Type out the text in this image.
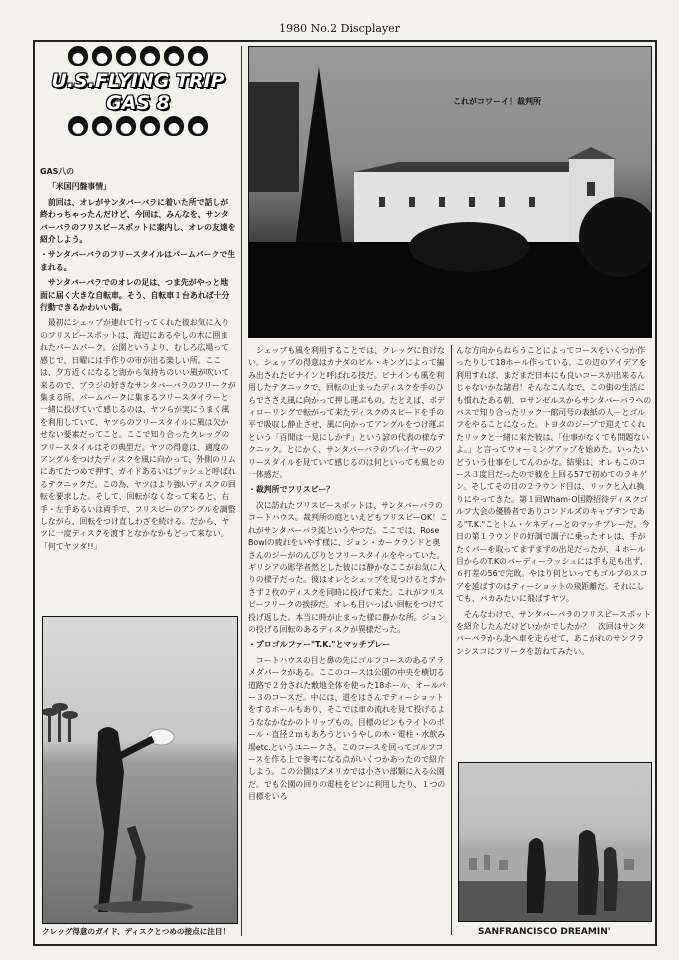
1980 No.2 Discplayer
U.S.FLYING TRIP
GAS 8	これがコワーイ！裁判所

GAS八の

「米国円盤事情」

前回は、オレがサンタバーバラに着いた所で話しが終わっちゃったんだけど、今回は、みんなを、サンタバーバラのフリスビースポットに案内し、オレの友達を紹介しよう。

・サンタバーバラのフリースタイルはパームパークで生まれる。

サンタバーバラでのオレの足は、つま先がやっと地面に届く大きな自転車。そう、自転車１台あれば十分行動できるかわいい街。

最初にシェップが連れて行ってくれた彼お気に入りのフリスビースポットは、海辺にあるやしの木に囲まれたパームパーク。公園というより、むしろ広場って感じで、日曜には手作りの市が出る楽しい所。ここは、夕方近くになると海から気持ちのいい風が吹いて来るので、プラジの好きなサンタバーバラのフリークが集まる所。パームパークに集まるフリースタイラーと一緒に投げていて感じるのは、ヤツらが実にうまく風を利用していて、ヤツらのフリースタイルに風は欠かせない要素だってこと。ここで知り合ったクレッグのフリースタイルはその典型だ。ヤツの得意は、適度のアングルをつけたディスクを風に向かって、外側のリムにあてたつめで押す、ガイドあるいはプッシュと呼ばれるテクニックだ。この為、ヤツはより強いディスクの回転を要求した。そして、回転がなくなって来ると、右手・左手あるいは両手で、フリスビーのアングルを調整しながら、回転をつけ直しわざを続ける。だから、ヤツに一度ディスクを渡すとなかなかもどって来ない。「何てヤツダ!!」

シェップも風を利用することでは、クレッグに負けない。シェップの得意はカナダのビル・キングによって編み出されたビナインと呼ばれる技だ。ビナインも風を利用したテクニックで、回転の止まったディスクを手のひらでささえ風に向かって押し運ぶもの。たとえば、ボディローリングで転がって来たディスクのスピードを手の平で吸収し静止させ、風に向かってアングルをつけ運ぶという「百聞は一見にしかず」という諺の代表の様なテクニック。とにかく、サンタバーバラのプレイヤーのフリースタイルを見ていて感じるのは何といっても風との一体感だ。

・裁判所でフリスビー？

次に訪れたフリスビースポットは、サンタバーバラのコートハウス。裁判所の庭といえどもフリスビーOK！これがサンタバーバラ流というやつだ。ここでは、Rose Bowlの疲れをいやす様に、ジョン・カークランドと奥さんのジーがのんびりとフリースタイルをやっていた。ギリシアの彫学者然とした彼には静かなここがお気に入りの様子だった。彼はオレとシェップを見つけるとすかさず２枚のディスクを同時に投げて来た。これがフリスビーフリークの挨拶だ。オレも目いっぱい回転をつけて投げ返した。本当に時が止まった様に静かな所。ジョンの投げる回転のあるディスクが異様だった。

・プロゴルファー"T.K."とマッチプレー

コートハウスの目と鼻の先にゴルフコースのあるアラメダパークがある。ここのコースは公園の中央を横切る道路で２分された敷地全体を使った18ホール、オールパー３のコースだ。中には、道をはさんでティーショットをするホールもあり、そこでは車の流れを見て投げるようななかなかのトリップもの。目標のピンもライトのポール・直径２ｍもあろうというやしの木・電柱・水飲み場etc.というユニークさ。このコースを回ってゴルフコースを作る上で参考になる点がいくつかあったので紹介しよう。この公園はアメリカでは小さい部類に入る公園だ。でも公園の回りの電柱をピンに利用したり、１つの目標をいろ

んな方向からねらうことによってコースをいくつか作ったりして18ホール作っている。この辺のアイデアを利用すれば、まだまだ日本にも良いコースが出来るんじゃないかな諸君！そんなこんなで、この街の生活にも慣れたある朝、ロサンゼルスからサンタバーバラへのバスで知り合ったリック一館司号の表紙の人－とゴルフをやることになった。トヨタのジープで迎えてくれたリックと一緒に来た彼は、「仕事がなくても問題ないよ。」と言ってウォーミングアップを始めた。いったいどういう仕事をしてんのかな。結果は、オレもこのコース３度目だったので彼を上回る57で初めてのラキゲン。そしてその日の２ラウンド目は、リックと入れ換りにやってきた。第１回Wham-O国際招待ディスクゴルフ大会の優勝者でありコンドルズのキャプテンである"T.K."ことトム・ケネディーとのマッチプレーだ。今日の第１ラウンドの好調で調子に乗ったオレは、手がたくパーを取ってまずまずの出足だったが、４ホール目からのT.Kのバーディーラッシュには手も足も出ず、６打差の56で完敗。やはり何といってもゴルフのスコアを延ばすのはティーショットの飛距離だ。それにしても、バカみたいに飛ばすヤツ。

そんなわけで、サンタバーバラのフリスビースポットを紹介したんだけどいかがでしたか？　次回はサンタバーバラから北へ車を走らせて、あこがれのサンフランシスコにフリークを訪ねてみたい。

クレッグ得意のガイド、ディスクとつめの接点に注目！	SANFRANCISCO DREAMIN'
